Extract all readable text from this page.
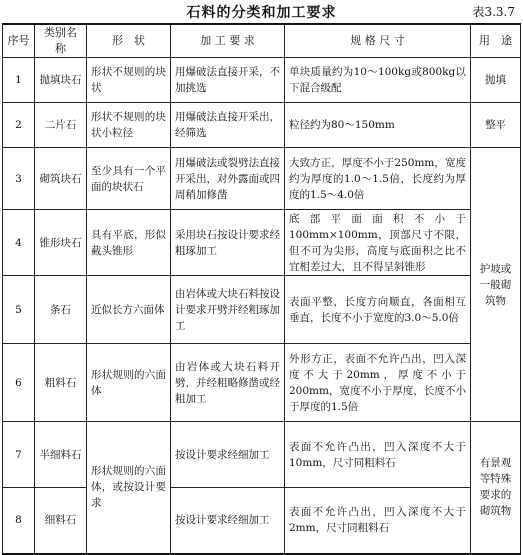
石料的分类和加工要求	表3.3.7
序号	类别名称	形　状	加 工 要 求	规 格 尺 寸	用　途
1	抛填块石	形状不规则的块状	用爆破法直接开采，不加挑选	单块质量约为10～100kg或800kg以下混合级配	抛填
2	二片石	形状不规则的块状小粒径	用爆破法直接开采出，经筛选	粒径约为80～150mm	整平
3	砌筑块石	至少具有一个平面的块状石	用爆破法或裂劈法直接开采出，对外露面或四周稍加修凿	大致方正，厚度不小于250mm，宽度约为厚度的1.0～1.5倍，长度约为厚度的1.5～4.0倍	护坡或一般砌筑物
4	锥形块石	具有平底，形似截头锥形	采用块石按设计要求经粗琢加工	底部平面面积不小于100mm×100mm，顶部尺寸不限，但不可为尖形，高度与底面积之比不宜相差过大，且不得呈斜锥形	
5	条石	近似长方六面体	由岩体或大块石料按设计要求开劈并经粗琢加工	表面平整，长度方向顺直，各面相互垂直，长度不小于宽度的3.0～5.0倍	
6	粗料石	形状规则的六面体	由岩体或大块石料开劈，并经粗略修凿或经粗加工	外形方正，表面不允许凸出，凹入深度不大于20mm，厚度不小于200mm，宽度不小于厚度，长度不小于厚度的1.5倍	
7	半细料石	形状规则的六面体，或按设计要求	按设计要求经细加工	表面不允许凸出，凹入深度不大于10mm，尺寸同粗料石	有景观等特殊要求的砌筑物
8	细料石		按设计要求经细加工	表面不允许凸出，凹入深度不大于2mm，尺寸同粗料石	
